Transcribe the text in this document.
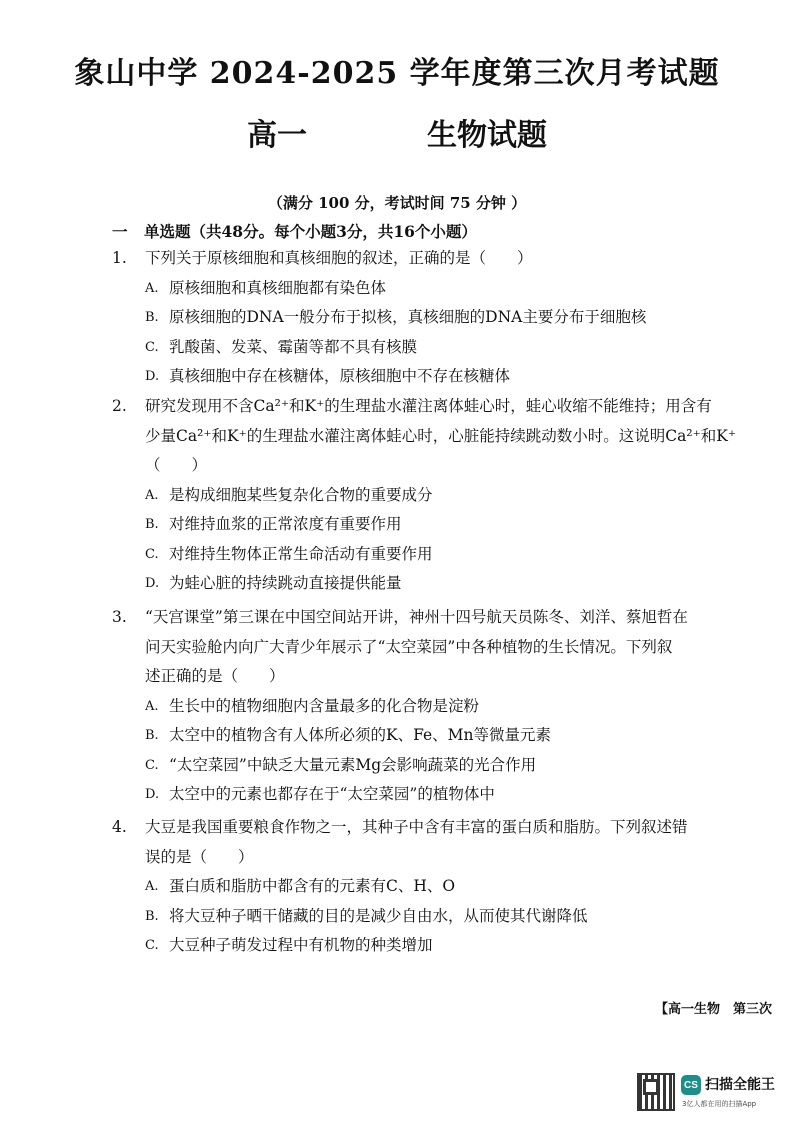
象山中学 2024-2025 学年度第三次月考试题
高一	生物试题
（满分 100 分，考试时间 75 分钟 ）
一 单选题（共48分。每个小题3分，共16个小题）
1. 下列关于原核细胞和真核细胞的叙述，正确的是（　　）
A. 原核细胞和真核细胞都有染色体
B. 原核细胞的DNA一般分布于拟核，真核细胞的DNA主要分布于细胞核
C. 乳酸菌、发菜、霉菌等都不具有核膜
D. 真核细胞中存在核糖体，原核细胞中不存在核糖体
2. 研究发现用不含Ca²⁺和K⁺的生理盐水灌注离体蛙心时，蛙心收缩不能维持；用含有
少量Ca²⁺和K⁺的生理盐水灌注离体蛙心时，心脏能持续跳动数小时。这说明Ca²⁺和K⁺
（　　）
A. 是构成细胞某些复杂化合物的重要成分
B. 对维持血浆的正常浓度有重要作用
C. 对维持生物体正常生命活动有重要作用
D. 为蛙心脏的持续跳动直接提供能量
3. “天宫课堂”第三课在中国空间站开讲，神州十四号航天员陈冬、刘洋、蔡旭哲在
问天实验舱内向广大青少年展示了“太空菜园”中各种植物的生长情况。下列叙
述正确的是（　　）
A. 生长中的植物细胞内含量最多的化合物是淀粉
B. 太空中的植物含有人体所必须的K、Fe、Mn等微量元素
C. “太空菜园”中缺乏大量元素Mg会影响蔬菜的光合作用
D. 太空中的元素也都存在于“太空菜园”的植物体中
4. 大豆是我国重要粮食作物之一，其种子中含有丰富的蛋白质和脂肪。下列叙述错
误的是（　　）
A. 蛋白质和脂肪中都含有的元素有C、H、O
B. 将大豆种子晒干储藏的目的是减少自由水，从而使其代谢降低
C. 大豆种子萌发过程中有机物的种类增加
【高一生物　第三次
CS 扫描全能王
3亿人都在用的扫描App
